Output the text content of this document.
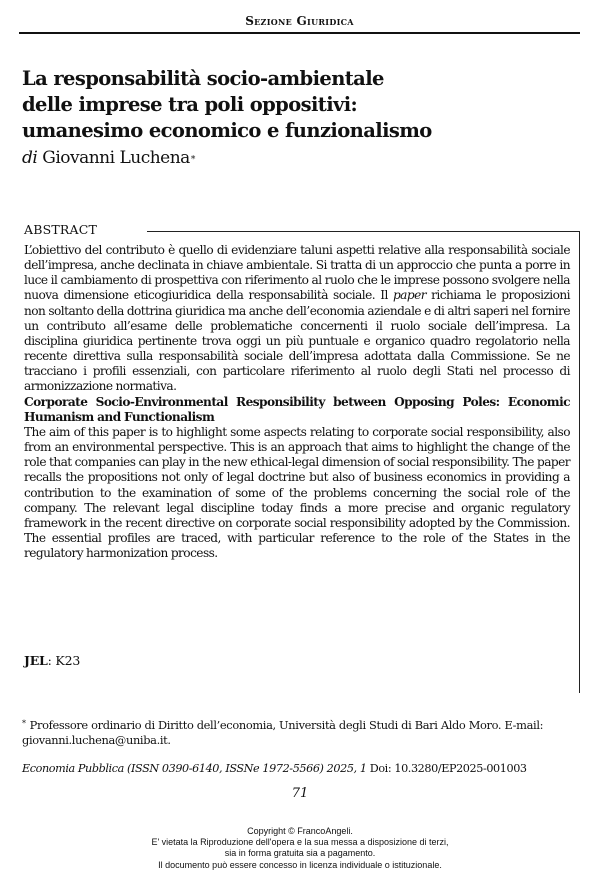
Sezione Giuridica
La responsabilità socio-ambientale
delle imprese tra poli oppositivi:
umanesimo economico e funzionalismo
di Giovanni Luchena*
ABSTRACT

L’obiettivo del contributo è quello di evidenziare taluni aspetti relative alla responsabilità sociale dell’impresa, anche declinata in chiave ambientale. Si tratta di un approccio che punta a porre in luce il cambiamento di prospettiva con riferimento al ruolo che le imprese possono svolgere nella nuova dimensione eticogiuridica della responsabilità sociale. Il paper richiama le proposizioni non soltanto della dottrina giuridica ma anche dell’economia aziendale e di altri saperi nel fornire un contributo all’esame delle problematiche concernenti il ruolo sociale dell’impresa. La disciplina giuridica pertinente trova oggi un più puntuale e organico quadro regolatorio nella recente direttiva sulla responsabilità sociale dell’impresa adottata dalla Commissione. Se ne tracciano i profili essenziali, con particolare riferimento al ruolo degli Stati nel processo di armonizzazione normativa.

Corporate Socio-Environmental Responsibility between Opposing Poles: Economic Humanism and Functionalism

The aim of this paper is to highlight some aspects relating to corporate social responsibility, also from an environmental perspective. This is an approach that aims to highlight the change of the role that companies can play in the new ethical-legal dimension of social responsibility. The paper recalls the propositions not only of legal doctrine but also of business economics in providing a contribution to the examination of some of the problems concerning the social role of the company. The relevant legal discipline today finds a more precise and organic regulatory framework in the recent directive on corporate social responsibility adopted by the Commission. The essential profiles are traced, with particular reference to the role of the States in the regulatory harmonization process.

JEL: K23
* Professore ordinario di Diritto dell’economia, Università degli Studi di Bari Aldo Moro. E-mail: giovanni.luchena@uniba.it.
Economia Pubblica (ISSN 0390-6140, ISSNe 1972-5566) 2025, 1 Doi: 10.3280/EP2025-001003
71
Copyright © FrancoAngeli.
E' vietata la Riproduzione dell'opera e la sua messa a disposizione di terzi,
sia in forma gratuita sia a pagamento.
Il documento può essere concesso in licenza individuale o istituzionale.
